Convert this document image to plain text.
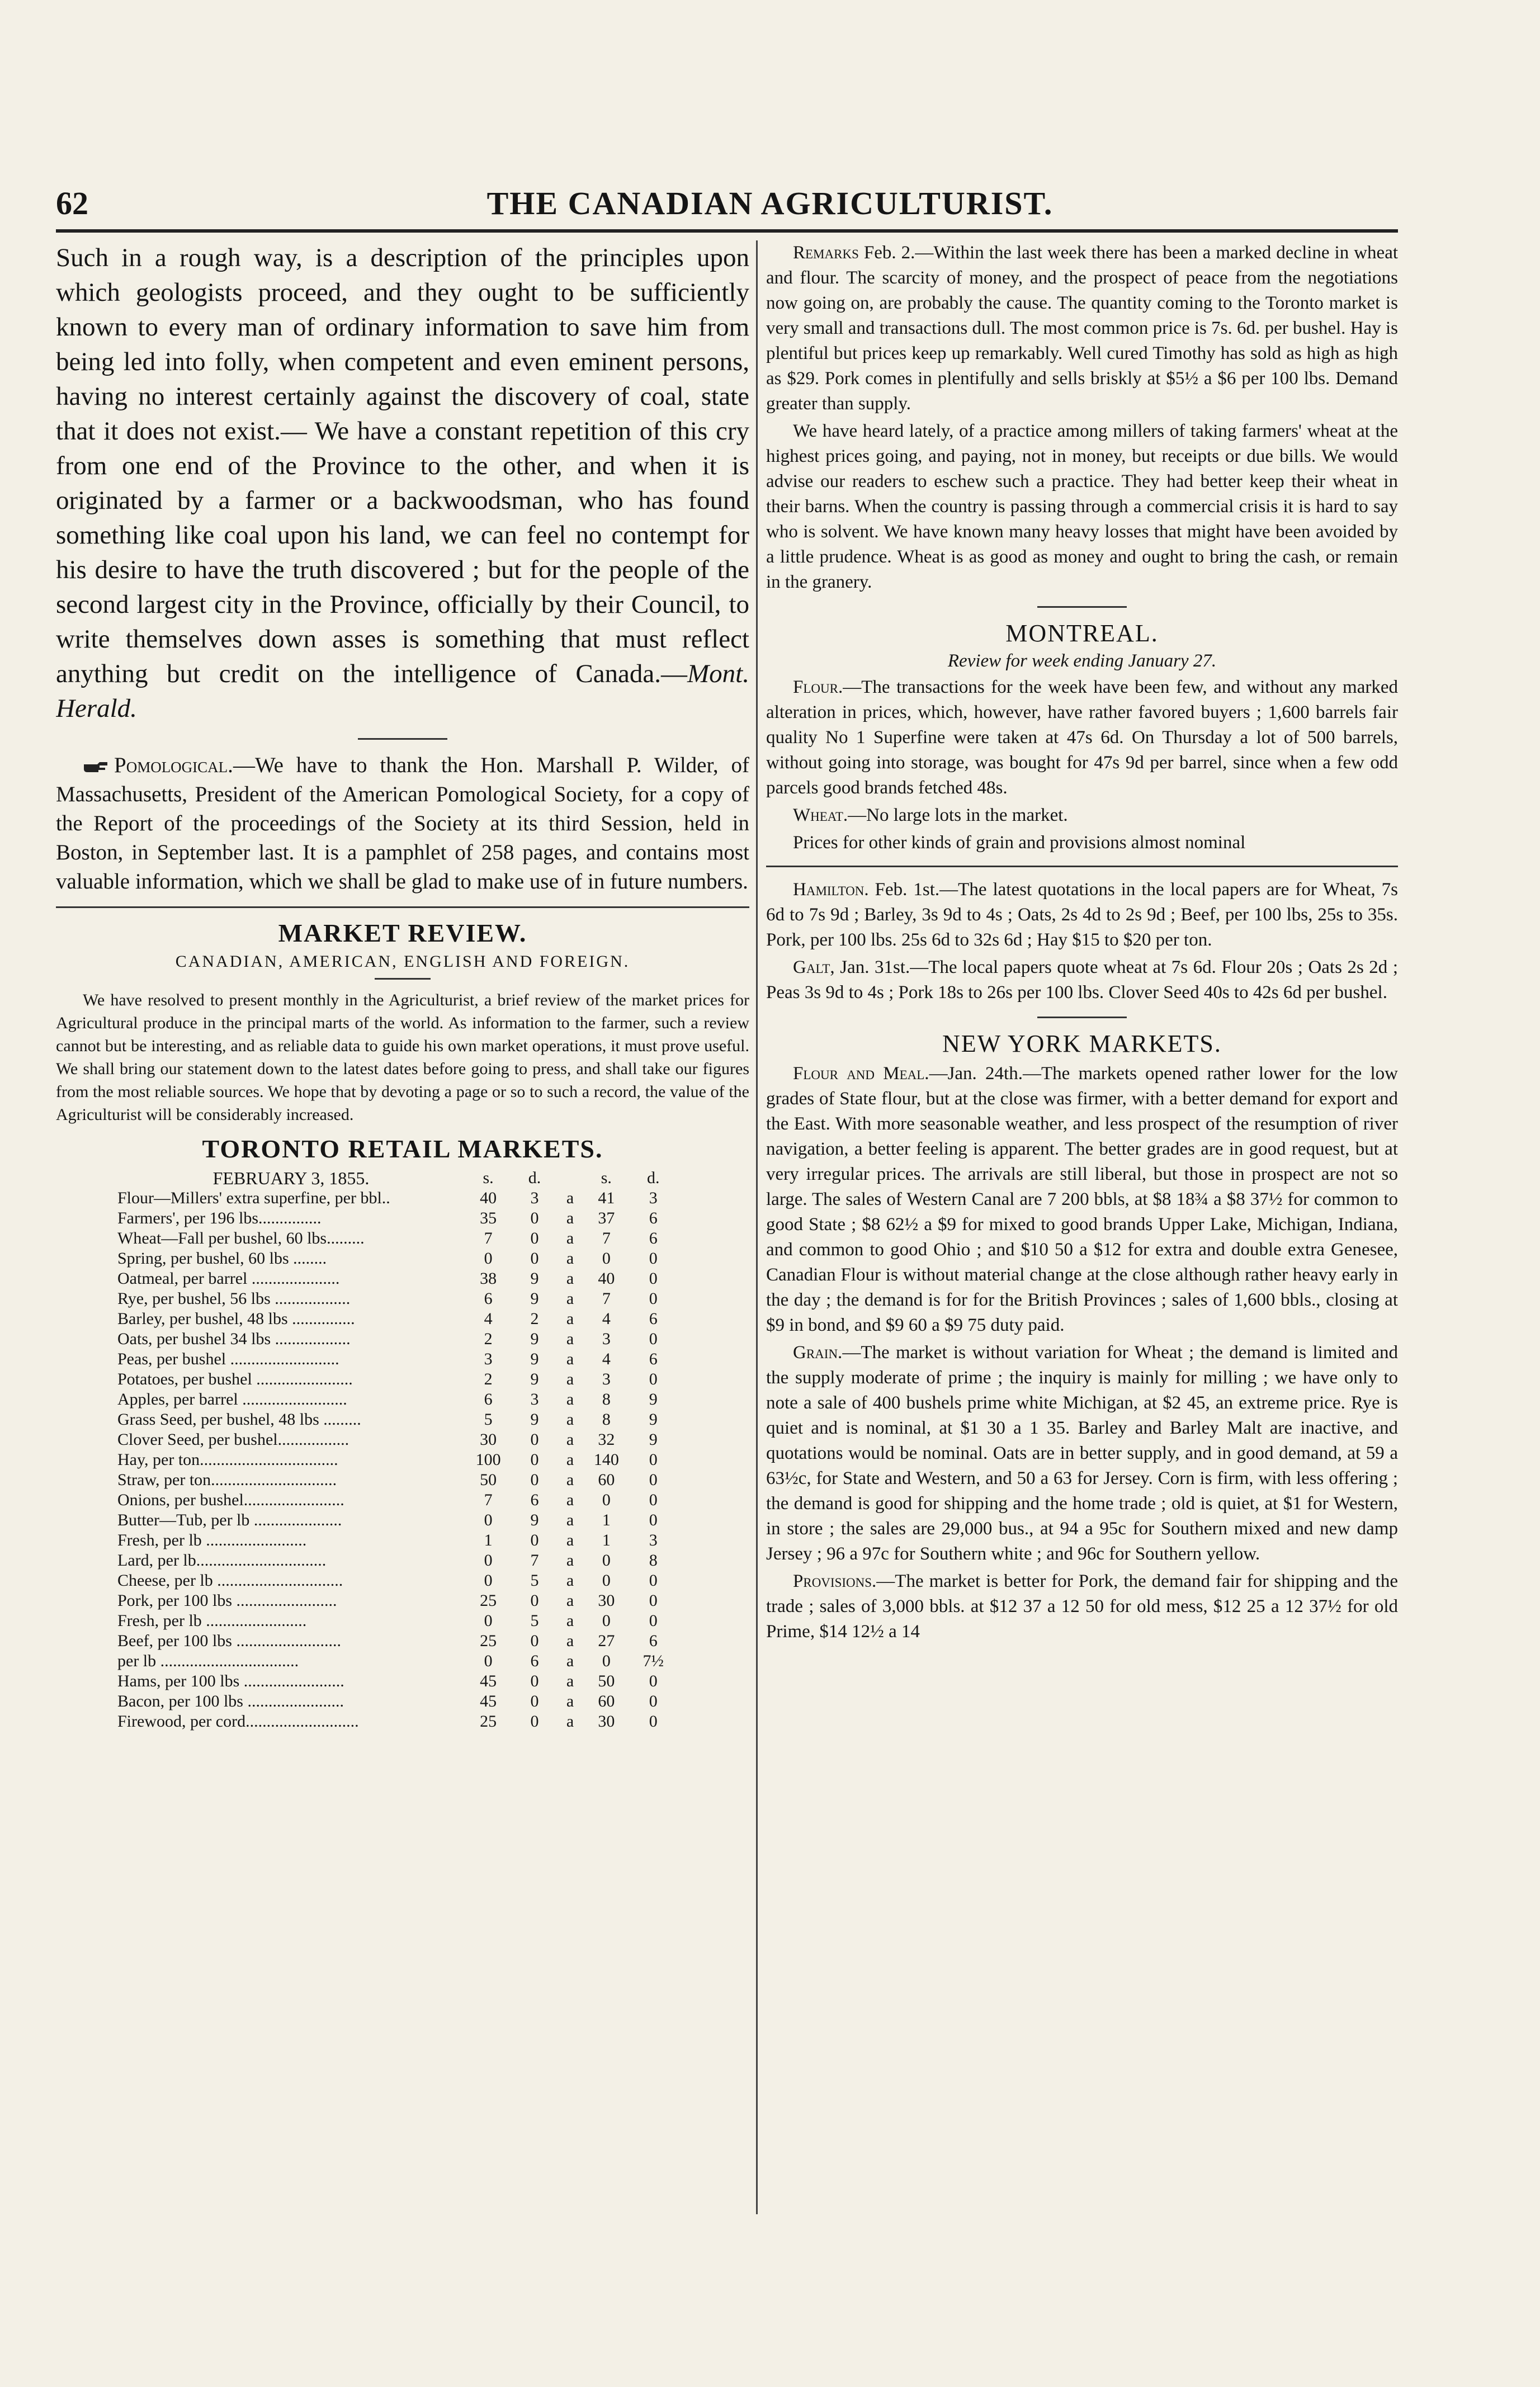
62	THE CANADIAN AGRICULTURIST.

Such in a rough way, is a description of the principles upon which geologists proceed, and they ought to be sufficiently known to every man of ordinary information to save him from being led into folly, when competent and even eminent persons, having no interest certainly against the discovery of coal, state that it does not exist.— We have a constant repetition of this cry from one end of the Province to the other, and when it is originated by a farmer or a backwoodsman, who has found something like coal upon his land, we can feel no contempt for his desire to have the truth discovered ; but for the people of the second largest city in the Province, officially by their Council, to write themselves down asses is something that must reflect anything but credit on the intelligence of Canada.—Mont. Herald.

Pomological.—We have to thank the Hon. Marshall P. Wilder, of Massachusetts, President of the American Pomological Society, for a copy of the Report of the proceedings of the Society at its third Session, held in Boston, in September last. It is a pamphlet of 258 pages, and contains most valuable information, which we shall be glad to make use of in future numbers.

MARKET REVIEW.
CANADIAN, AMERICAN, ENGLISH AND FOREIGN.

We have resolved to present monthly in the Agriculturist, a brief review of the market prices for Agricultural produce in the principal marts of the world. As information to the farmer, such a review cannot but be interesting, and as reliable data to guide his own market operations, it must prove useful. We shall bring our statement down to the latest dates before going to press, and shall take our figures from the most reliable sources. We hope that by devoting a page or so to such a record, the value of the Agriculturist will be considerably increased.

TORONTO RETAIL MARKETS.
FEBRUARY 3, 1855.	s.	d.		s.	d.
Flour—Millers' extra superfine, per bbl..	40	3	a	41	3
Farmers', per 196 lbs...............	35	0	a	37	6
Wheat—Fall per bushel, 60 lbs.........	7	0	a	7	6
Spring, per bushel, 60 lbs ........	0	0	a	0	0
Oatmeal, per barrel .....................	38	9	a	40	0
Rye, per bushel, 56 lbs ..................	6	9	a	7	0
Barley, per bushel, 48 lbs ...............	4	2	a	4	6
Oats, per bushel 34 lbs ..................	2	9	a	3	0
Peas, per bushel ..........................	3	9	a	4	6
Potatoes, per bushel .......................	2	9	a	3	0
Apples, per barrel .........................	6	3	a	8	9
Grass Seed, per bushel, 48 lbs .........	5	9	a	8	9
Clover Seed, per bushel.................	30	0	a	32	9
Hay, per ton.................................	100	0	a	140	0
Straw, per ton..............................	50	0	a	60	0
Onions, per bushel........................	7	6	a	0	0
Butter—Tub, per lb .....................	0	9	a	1	0
Fresh, per lb ........................	1	0	a	1	3
Lard, per lb...............................	0	7	a	0	8
Cheese, per lb ..............................	0	5	a	0	0
Pork, per 100 lbs ........................	25	0	a	30	0
Fresh, per lb ........................	0	5	a	0	0
Beef, per 100 lbs .........................	25	0	a	27	6
per lb .................................	0	6	a	0	7½
Hams, per 100 lbs ........................	45	0	a	50	0
Bacon, per 100 lbs .......................	45	0	a	60	0
Firewood, per cord...........................	25	0	a	30	0

Remarks Feb. 2.—Within the last week there has been a marked decline in wheat and flour. The scarcity of money, and the prospect of peace from the negotiations now going on, are probably the cause. The quantity coming to the Toronto market is very small and transactions dull. The most common price is 7s. 6d. per bushel. Hay is plentiful but prices keep up remarkably. Well cured Timothy has sold as high as high as $29. Pork comes in plentifully and sells briskly at $5½ a $6 per 100 lbs. Demand greater than supply.

We have heard lately, of a practice among millers of taking farmers' wheat at the highest prices going, and paying, not in money, but receipts or due bills. We would advise our readers to eschew such a practice. They had better keep their wheat in their barns. When the country is passing through a commercial crisis it is hard to say who is solvent. We have known many heavy losses that might have been avoided by a little prudence. Wheat is as good as money and ought to bring the cash, or remain in the granery.

MONTREAL.
Review for week ending January 27.

Flour.—The transactions for the week have been few, and without any marked alteration in prices, which, however, have rather favored buyers ; 1,600 barrels fair quality No 1 Superfine were taken at 47s 6d. On Thursday a lot of 500 barrels, without going into storage, was bought for 47s 9d per barrel, since when a few odd parcels good brands fetched 48s.

Wheat.—No large lots in the market.

Prices for other kinds of grain and provisions almost nominal

Hamilton. Feb. 1st.—The latest quotations in the local papers are for Wheat, 7s 6d to 7s 9d ; Barley, 3s 9d to 4s ; Oats, 2s 4d to 2s 9d ; Beef, per 100 lbs, 25s to 35s. Pork, per 100 lbs. 25s 6d to 32s 6d ; Hay $15 to $20 per ton.

Galt, Jan. 31st.—The local papers quote wheat at 7s 6d. Flour 20s ; Oats 2s 2d ; Peas 3s 9d to 4s ; Pork 18s to 26s per 100 lbs. Clover Seed 40s to 42s 6d per bushel.

NEW YORK MARKETS.

Flour and Meal.—Jan. 24th.—The markets opened rather lower for the low grades of State flour, but at the close was firmer, with a better demand for export and the East. With more seasonable weather, and less prospect of the resumption of river navigation, a better feeling is apparent. The better grades are in good request, but at very irregular prices. The arrivals are still liberal, but those in prospect are not so large. The sales of Western Canal are 7 200 bbls, at $8 18¾ a $8 37½ for common to good State ; $8 62½ a $9 for mixed to good brands Upper Lake, Michigan, Indiana, and common to good Ohio ; and $10 50 a $12 for extra and double extra Genesee, Canadian Flour is without material change at the close although rather heavy early in the day ; the demand is for for the British Provinces ; sales of 1,600 bbls., closing at $9 in bond, and $9 60 a $9 75 duty paid.

Grain.—The market is without variation for Wheat ; the demand is limited and the supply moderate of prime ; the inquiry is mainly for milling ; we have only to note a sale of 400 bushels prime white Michigan, at $2 45, an extreme price. Rye is quiet and is nominal, at $1 30 a 1 35. Barley and Barley Malt are inactive, and quotations would be nominal. Oats are in better supply, and in good demand, at 59 a 63½c, for State and Western, and 50 a 63 for Jersey. Corn is firm, with less offering ; the demand is good for shipping and the home trade ; old is quiet, at $1 for Western, in store ; the sales are 29,000 bus., at 94 a 95c for Southern mixed and new damp Jersey ; 96 a 97c for Southern white ; and 96c for Southern yellow.

Provisions.—The market is better for Pork, the demand fair for shipping and the trade ; sales of 3,000 bbls. at $12 37 a 12 50 for old mess, $12 25 a 12 37½ for old Prime, $14 12½ a 14
